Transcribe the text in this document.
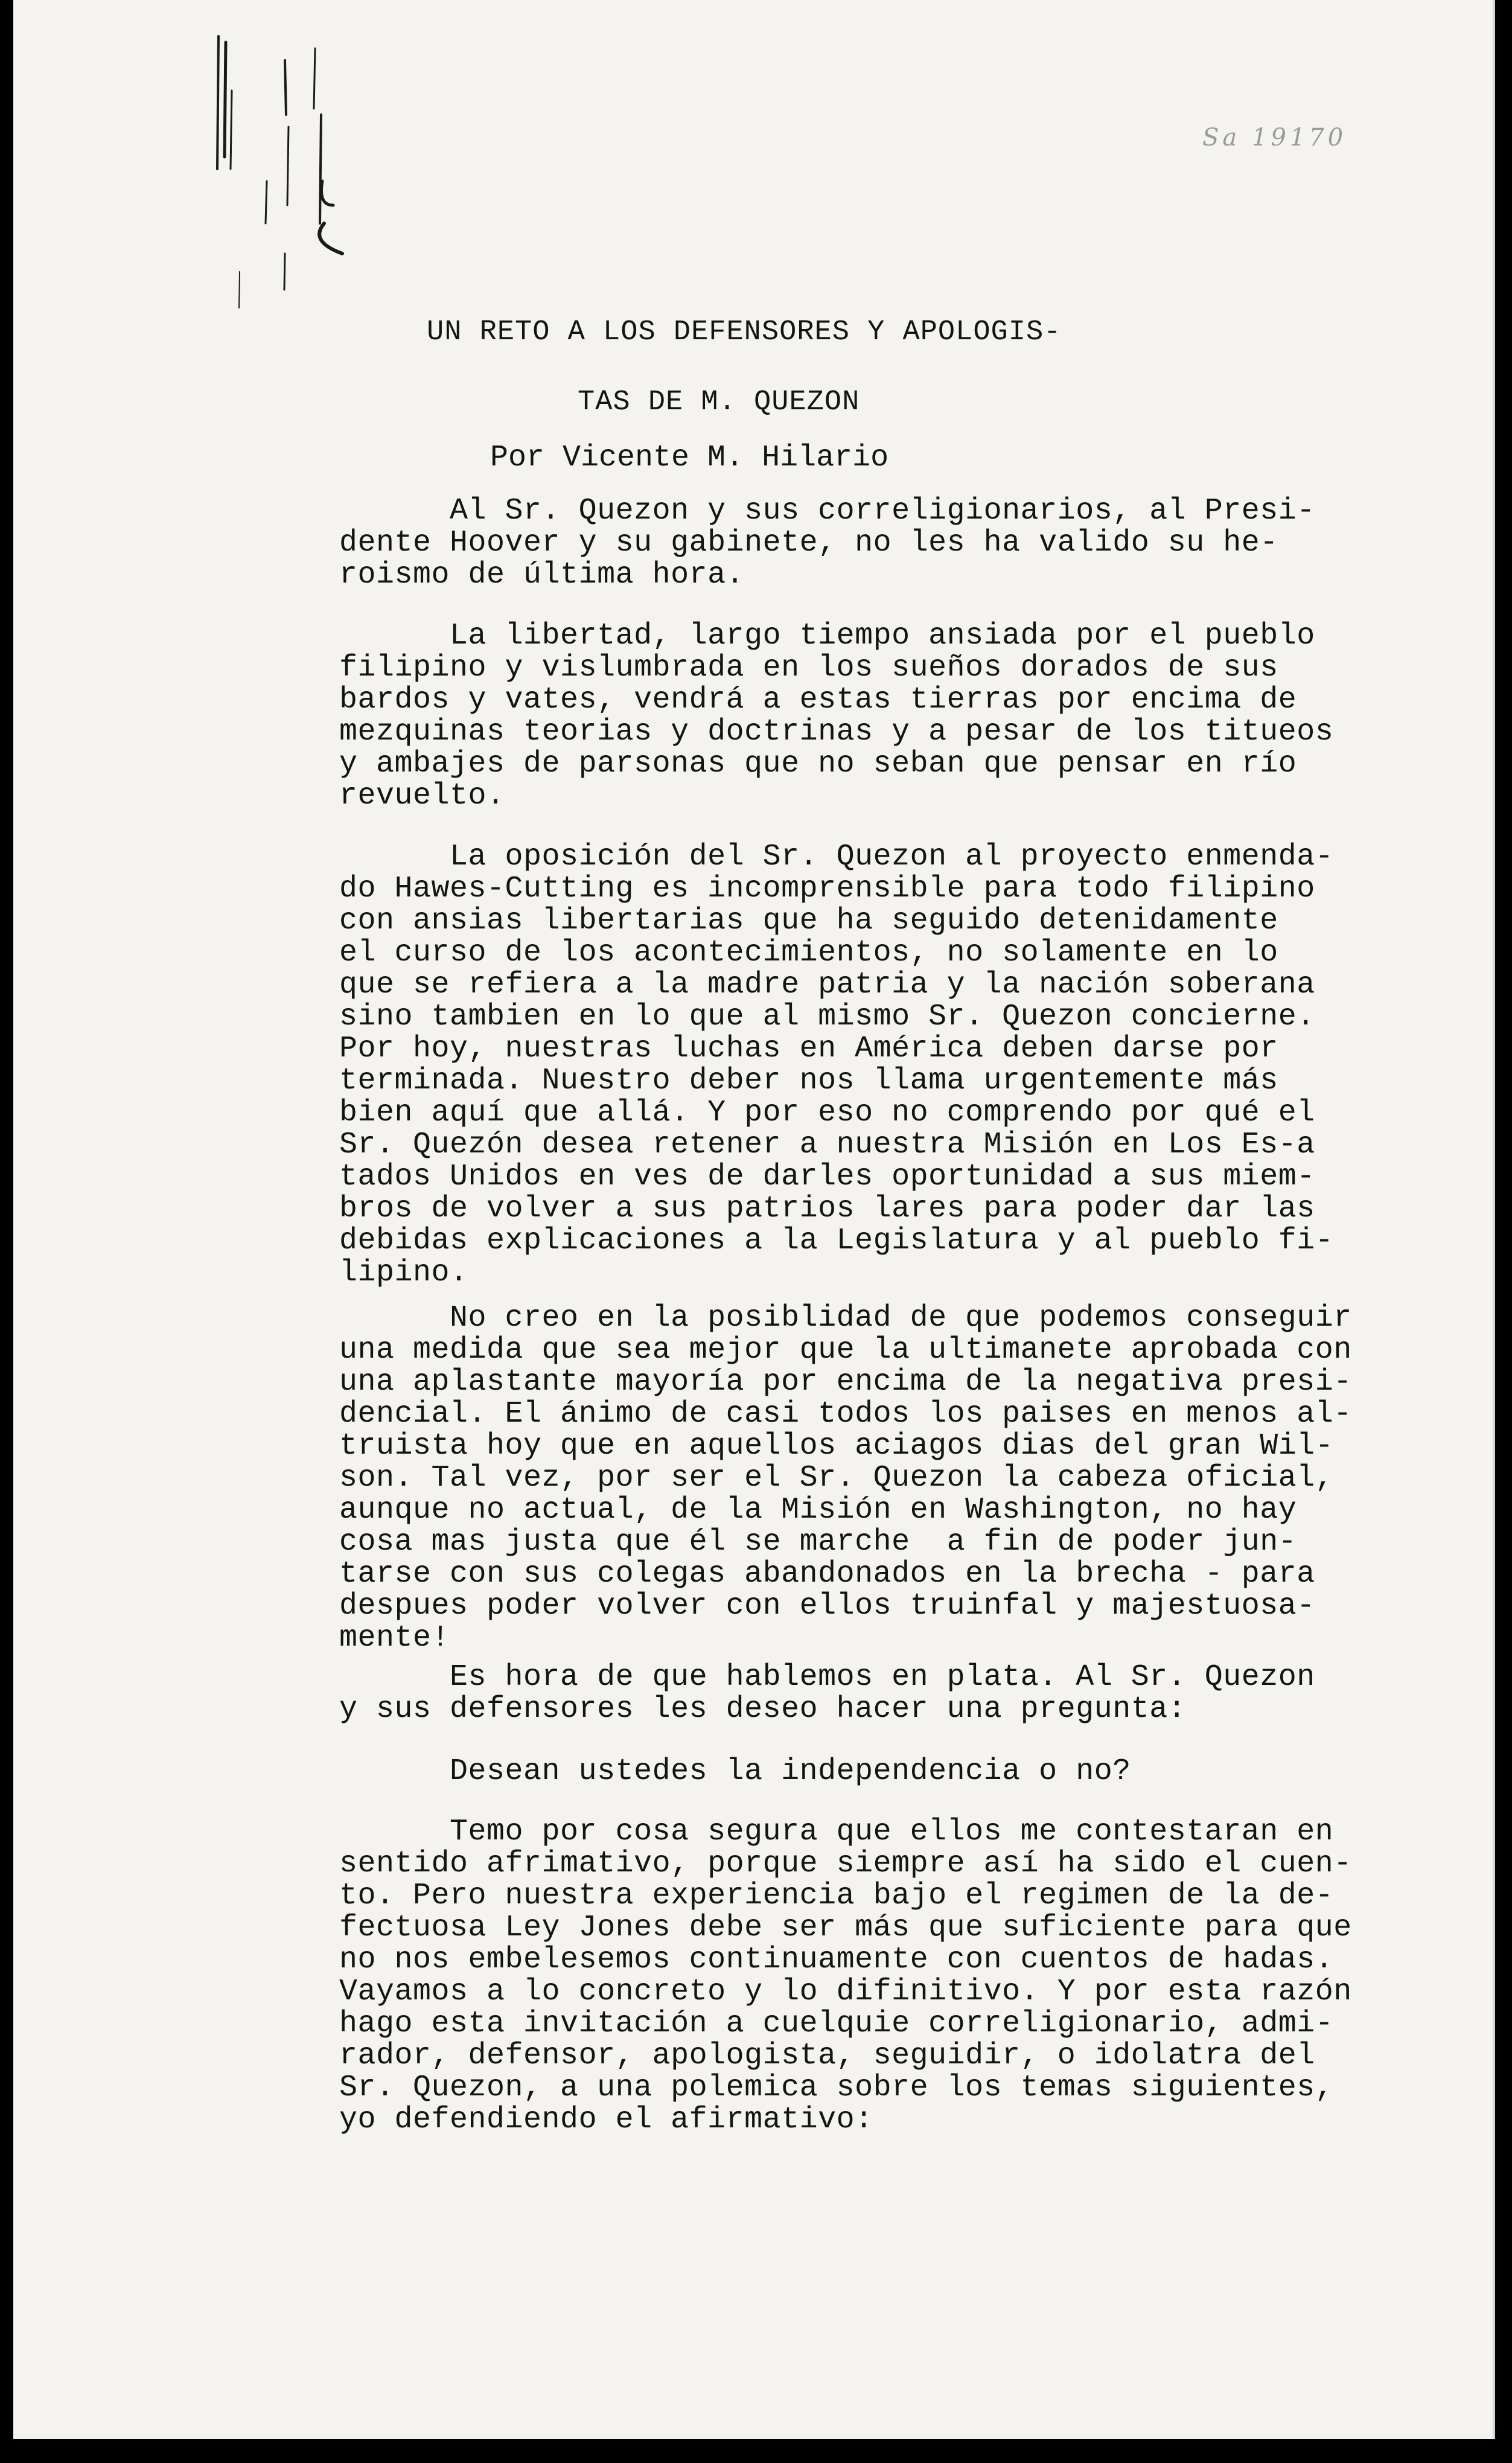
Sa 19170
UN RETO A LOS DEFENSORES Y APOLOGIS-

TAS DE M. QUEZON
Por Vicente M. Hilario

Al Sr. Quezon y sus correligionarios, al Presi-
dente Hoover y su gabinete, no les ha valido su he-
roismo de última hora.

La libertad, largo tiempo ansiada por el pueblo
filipino y vislumbrada en los sueños dorados de sus
bardos y vates, vendrá a estas tierras por encima de
mezquinas teorias y doctrinas y a pesar de los titueos
y ambajes de parsonas que no seban que pensar en río
revuelto.

La oposición del Sr. Quezon al proyecto enmenda-
do Hawes-Cutting es incomprensible para todo filipino
con ansias libertarias que ha seguido detenidamente
el curso de los acontecimientos, no solamente en lo
que se refiera a la madre patria y la nación soberana
sino tambien en lo que al mismo Sr. Quezon concierne.
Por hoy, nuestras luchas en América deben darse por
terminada. Nuestro deber nos llama urgentemente más
bien aquí que allá. Y por eso no comprendo por qué el
Sr. Quezón desea retener a nuestra Misión en Los Es-a
tados Unidos en ves de darles oportunidad a sus miem-
bros de volver a sus patrios lares para poder dar las
debidas explicaciones a la Legislatura y al pueblo fi-
lipino.

No creo en la posiblidad de que podemos conseguir
una medida que sea mejor que la ultimanete aprobada con
una aplastante mayoría por encima de la negativa presi-
dencial. El ánimo de casi todos los paises en menos al-
truista hoy que en aquellos aciagos dias del gran Wil-
son. Tal vez, por ser el Sr. Quezon la cabeza oficial,
aunque no actual, de la Misión en Washington, no hay
cosa mas justa que él se marche  a fin de poder jun-
tarse con sus colegas abandonados en la brecha - para
despues poder volver con ellos truinfal y majestuosa-
mente!

Es hora de que hablemos en plata. Al Sr. Quezon
y sus defensores les deseo hacer una pregunta:

Desean ustedes la independencia o no?

Temo por cosa segura que ellos me contestaran en
sentido afrimativo, porque siempre así ha sido el cuen-
to. Pero nuestra experiencia bajo el regimen de la de-
fectuosa Ley Jones debe ser más que suficiente para que
no nos embelesemos continuamente con cuentos de hadas.
Vayamos a lo concreto y lo difinitivo. Y por esta razón
hago esta invitación a cuelquie correligionario, admi-
rador, defensor, apologista, seguidir, o idolatra del
Sr. Quezon, a una polemica sobre los temas siguientes,
yo defendiendo el afirmativo:
